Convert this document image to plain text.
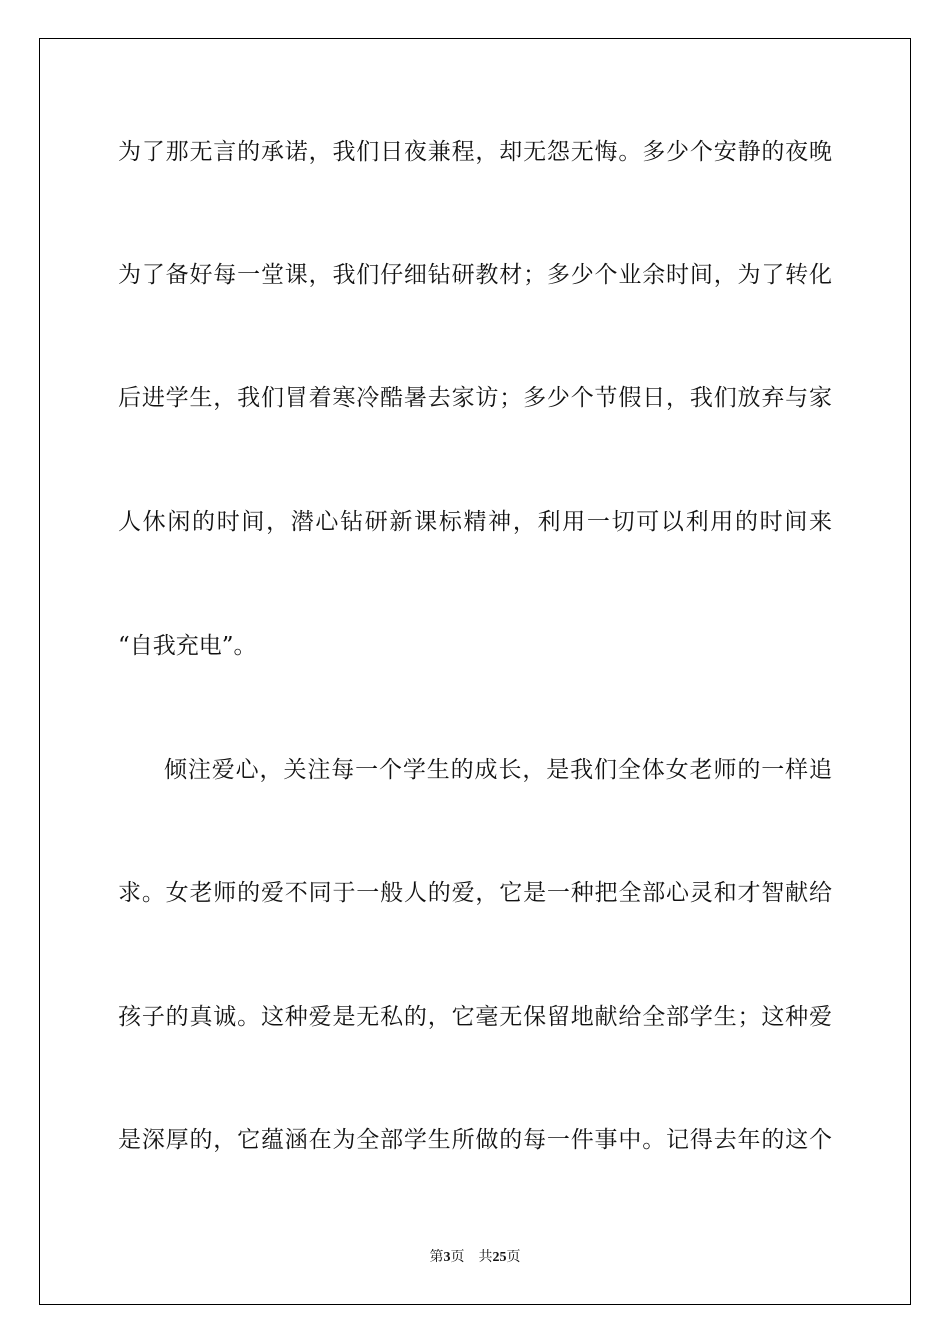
为了那无言的承诺，我们日夜兼程，却无怨无悔。多少个安静的夜晚
为了备好每一堂课，我们仔细钻研教材；多少个业余时间，为了转化
后进学生，我们冒着寒冷酷暑去家访；多少个节假日，我们放弃与家
人休闲的时间，潜心钻研新课标精神，利用一切可以利用的时间来
“自我充电”。
倾注爱心，关注每一个学生的成长，是我们全体女老师的一样追
求。女老师的爱不同于一般人的爱，它是一种把全部心灵和才智献给
孩子的真诚。这种爱是无私的，它毫无保留地献给全部学生；这种爱
是深厚的，它蕴涵在为全部学生所做的每一件事中。记得去年的这个
第3页 共25页
